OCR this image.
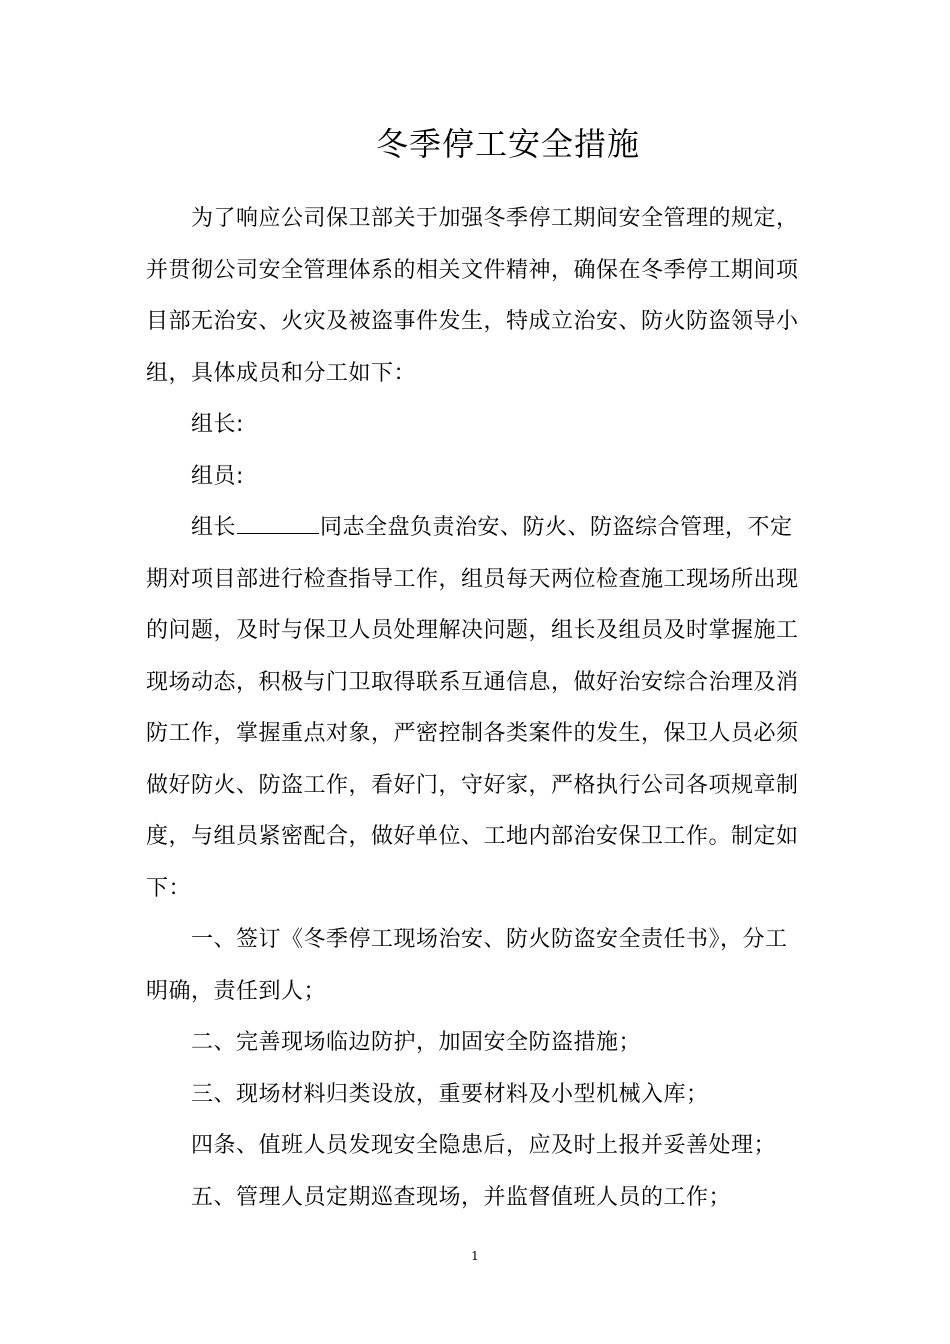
冬季停工安全措施

为了响应公司保卫部关于加强冬季停工期间安全管理的规定，并贯彻公司安全管理体系的相关文件精神，确保在冬季停工期间项目部无治安、火灾及被盗事件发生，特成立治安、防火防盗领导小组，具体成员和分工如下：

组长:

组员:

组长	同志全盘负责治安、防火、防盗综合管理，不定期对项目部进行检查指导工作，组员每天两位检查施工现场所出现的问题，及时与保卫人员处理解决问题，组长及组员及时掌握施工现场动态，积极与门卫取得联系互通信息，做好治安综合治理及消防工作，掌握重点对象，严密控制各类案件的发生，保卫人员必须做好防火、防盗工作，看好门，守好家，严格执行公司各项规章制度，与组员紧密配合，做好单位、工地内部治安保卫工作。制定如下：

一、签订《冬季停工现场治安、防火防盗安全责任书》，分工明确，责任到人；

二、完善现场临边防护，加固安全防盗措施；

三、现场材料归类设放，重要材料及小型机械入库；

四条、值班人员发现安全隐患后，应及时上报并妥善处理；

五、管理人员定期巡查现场，并监督值班人员的工作；

1
